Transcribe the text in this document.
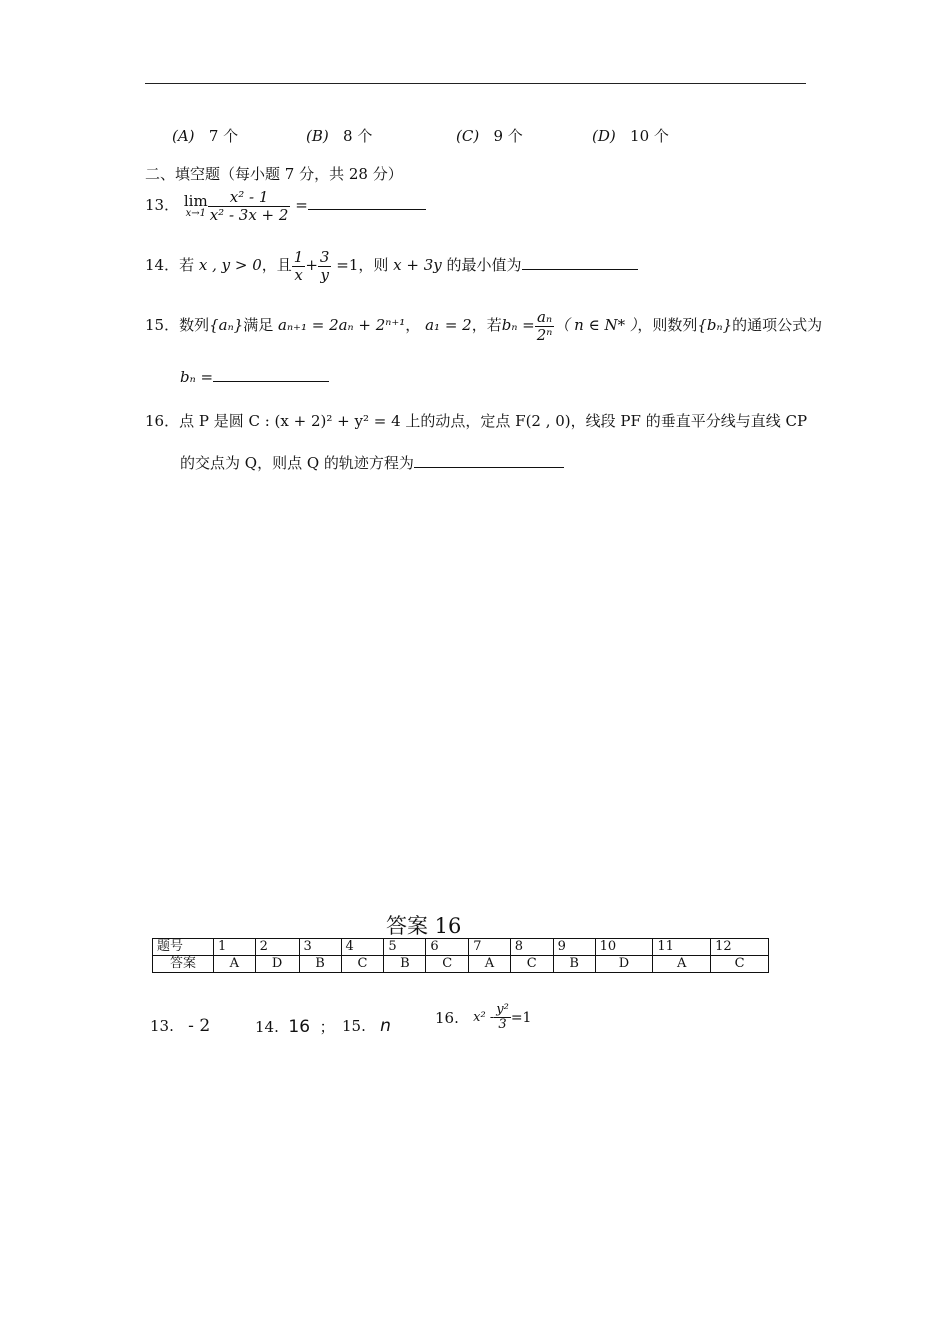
(A) 7 个	(B) 8 个	(C) 9 个	(D) 10 个
二、填空题（每小题 7 分，共 28 分）
13． lim
$x\to 1 \frac{\text{x² - 1}}{\text{x² - 3x + 2}}$ =
14．若 x , y > 0，且 $\frac{1}{x} + \frac{3}{y} =1$，则 x + 3y 的最小值为
15．数列{aₙ}满足 aₙ₊₁ = 2aₙ + 2ⁿ⁺¹， a₁ = 2，若$b_n = \frac{\text{aₙ}}{\text{2ⁿ}}$ （ n ∈ N* ），则数列{bₙ}的通项公式为
bₙ =
16．点 P 是圆 C : (x + 2)² + y² = 4 上的动点，定点 F(2 , 0)，线段 PF 的垂直平分线与直线 CP
的交点为 Q，则点 Q 的轨迹方程为
答案 16
题号	1	2	3	4	5	6	7	8	9	10	11	12
答案	A	D	B	C	B	C	A	C	B	D	A	C
13. - 2	14. 16 ； 15. n	16. $x^2 - \frac{\text{y²}}{3} =1$
